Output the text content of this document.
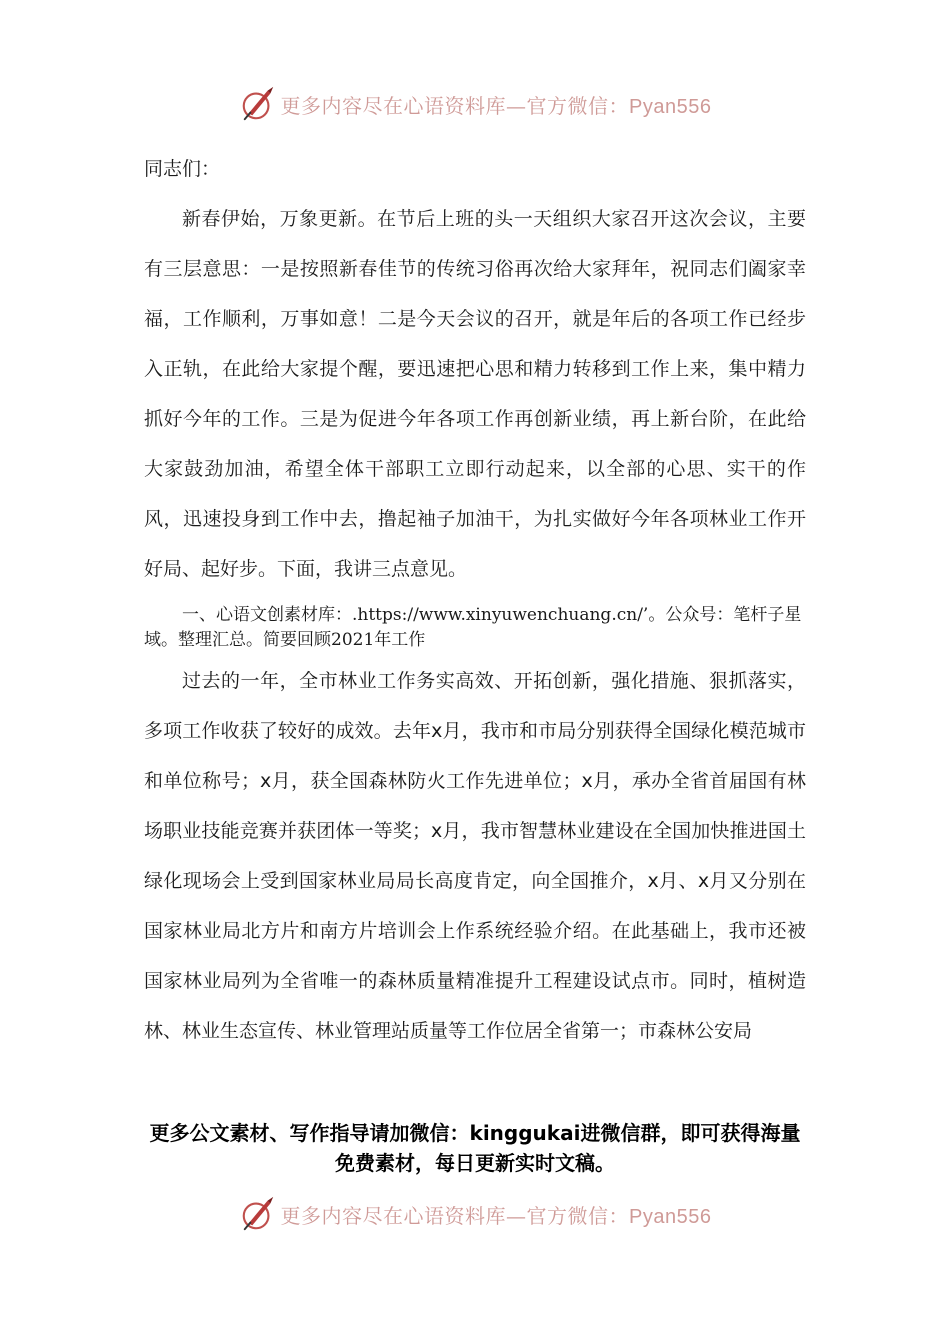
更多内容尽在心语资料库—官方微信：Pyan556

同志们：

新春伊始，万象更新。在节后上班的头一天组织大家召开这次会议，主要有三层意思：一是按照新春佳节的传统习俗再次给大家拜年，祝同志们阖家幸福，工作顺利，万事如意！二是今天会议的召开，就是年后的各项工作已经步入正轨，在此给大家提个醒，要迅速把心思和精力转移到工作上来，集中精力抓好今年的工作。三是为促进今年各项工作再创新业绩，再上新台阶，在此给大家鼓劲加油，希望全体干部职工立即行动起来，以全部的心思、实干的作风，迅速投身到工作中去，撸起袖子加油干，为扎实做好今年各项林业工作开好局、起好步。下面，我讲三点意见。

一、心语文创素材库：.https://www.xinyuwenchuang.cn/’。公众号：笔杆子星域。整理汇总。简要回顾2021年工作

过去的一年，全市林业工作务实高效、开拓创新，强化措施、狠抓落实，多项工作收获了较好的成效。去年x月，我市和市局分别获得全国绿化模范城市和单位称号；x月，获全国森林防火工作先进单位；x月，承办全省首届国有林场职业技能竞赛并获团体一等奖；x月，我市智慧林业建设在全国加快推进国土绿化现场会上受到国家林业局局长高度肯定，向全国推介，x月、x月又分别在国家林业局北方片和南方片培训会上作系统经验介绍。在此基础上，我市还被国家林业局列为全省唯一的森林质量精准提升工程建设试点市。同时，植树造林、林业生态宣传、林业管理站质量等工作位居全省第一；市森林公安局

更多公文素材、写作指导请加微信：kinggukai进微信群，即可获得海量免费素材，每日更新实时文稿。
更多内容尽在心语资料库—官方微信：Pyan556
